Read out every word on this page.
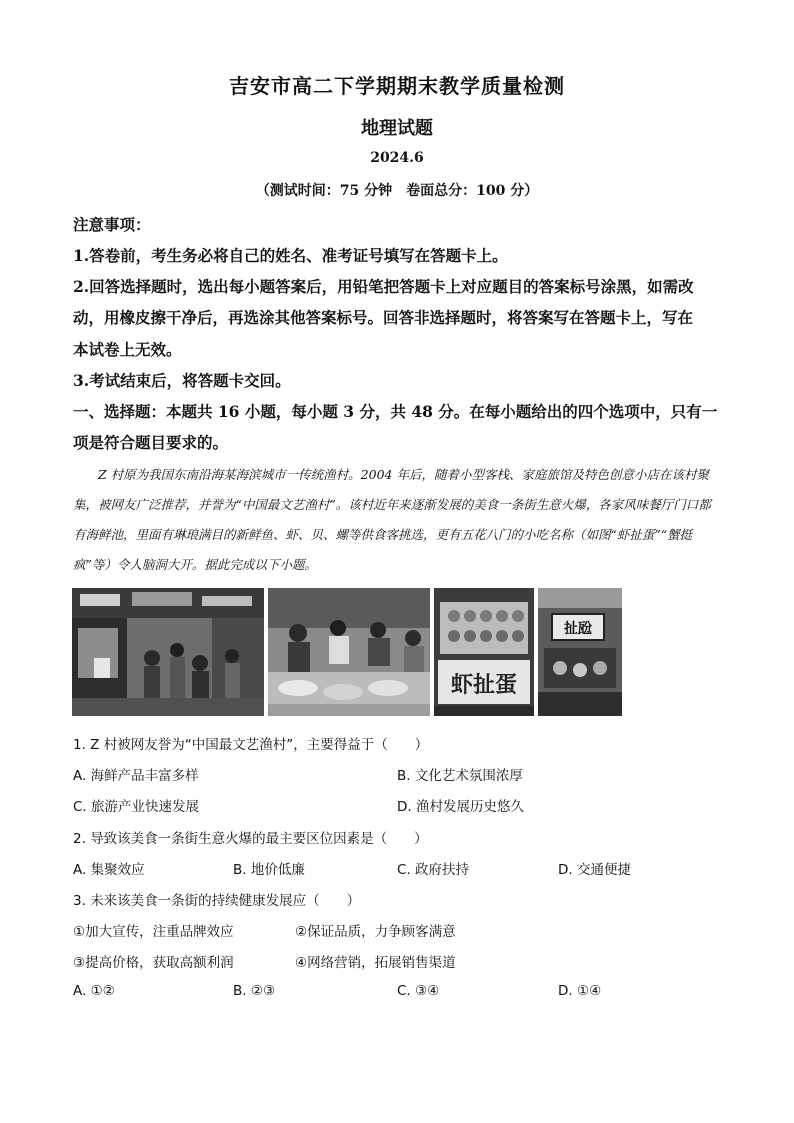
吉安市高二下学期期末教学质量检测
地理试题
2024.6
（测试时间：75 分钟　卷面总分：100 分）
注意事项：
1.答卷前，考生务必将自己的姓名、准考证号填写在答题卡上。
2.回答选择题时，选出每小题答案后，用铅笔把答题卡上对应题目的答案标号涂黑，如需改
动，用橡皮擦干净后，再选涂其他答案标号。回答非选择题时，将答案写在答题卡上，写在
本试卷上无效。
3.考试结束后，将答题卡交回。
一、选择题：本题共 16 小题，每小题 3 分，共 48 分。在每小题给出的四个选项中，只有一
项是符合题目要求的。
Z 村原为我国东南沿海某海滨城市一传统渔村。2004 年后，随着小型客栈、家庭旅馆及特色创意小店在该村聚集，被网友广泛推荐，并誉为“中国最文艺渔村”。该村近年来逐渐发展的美食一条街生意火爆，各家风味餐厅门口都有海鲜池，里面有琳琅满目的新鲜鱼、虾、贝、螺等供食客挑选，更有五花八门的小吃名称（如图“虾扯蛋”“蟹挺疯”等）令人脑洞大开。据此完成以下小题。
虾扯蛋
扯瓰
1. Z 村被网友誉为“中国最文艺渔村”，主要得益于（　　）
A. 海鲜产品丰富多样	B. 文化艺术氛围浓厚
C. 旅游产业快速发展	D. 渔村发展历史悠久
2. 导致该美食一条街生意火爆的最主要区位因素是（　　）
A. 集聚效应	B. 地价低廉	C. 政府扶持	D. 交通便捷
3. 未来该美食一条街的持续健康发展应（　　）
①加大宣传，注重品牌效应	②保证品质，力争顾客满意
③提高价格，获取高额利润	④网络营销，拓展销售渠道
A. ①②	B. ②③	C. ③④	D. ①④
